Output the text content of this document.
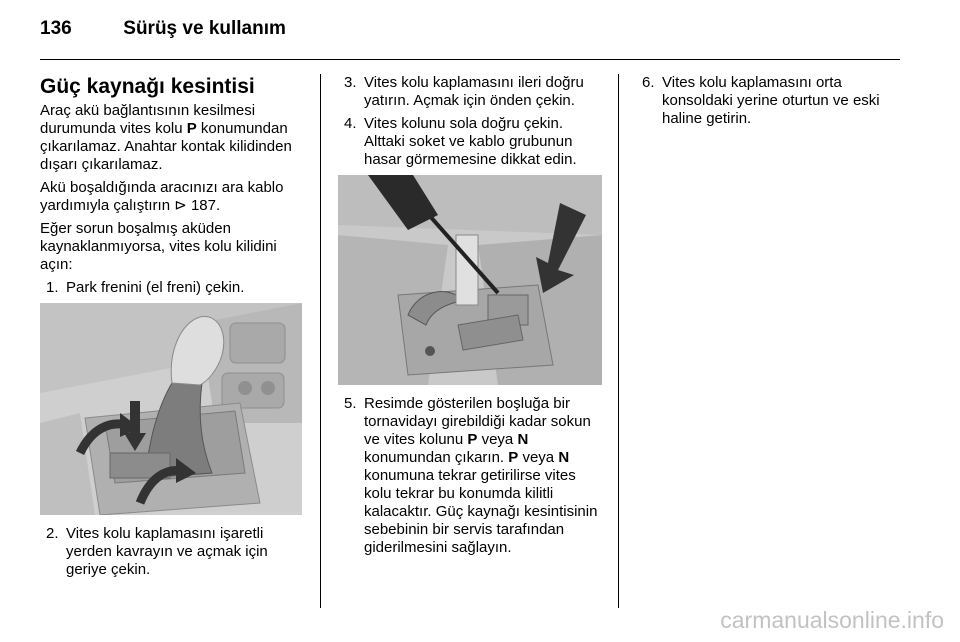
136	Sürüş ve kullanım
Güç kaynağı kesintisi

Araç akü bağlantısının kesilmesi durumunda vites kolu P konumundan çıkarılamaz. Anahtar kontak kilidinden dışarı çıkarılamaz.

Akü boşaldığında aracınızı ara kablo yardımıyla çalıştırın ⊳ 187.

Eğer sorun boşalmış aküden kaynaklanmıyorsa, vites kolu kilidini açın:

1. Park frenini (el freni) çekin.
2. Vites kolu kaplamasını işaretli yerden kavrayın ve açmak için geriye çekin.
3. Vites kolu kaplamasını ileri doğru yatırın. Açmak için önden çekin.
4. Vites kolunu sola doğru çekin. Alttaki soket ve kablo grubunun hasar görmemesine dikkat edin.
5. Resimde gösterilen boşluğa bir tornavidayı girebildiği kadar sokun ve vites kolunu P veya N konumundan çıkarın. P veya N konumuna tekrar getirilirse vites kolu tekrar bu konumda kilitli kalacaktır. Güç kaynağı kesintisinin sebebinin bir servis tarafından giderilmesini sağlayın.
6. Vites kolu kaplamasını orta konsoldaki yerine oturtun ve eski haline getirin.
carmanualsonline.info
